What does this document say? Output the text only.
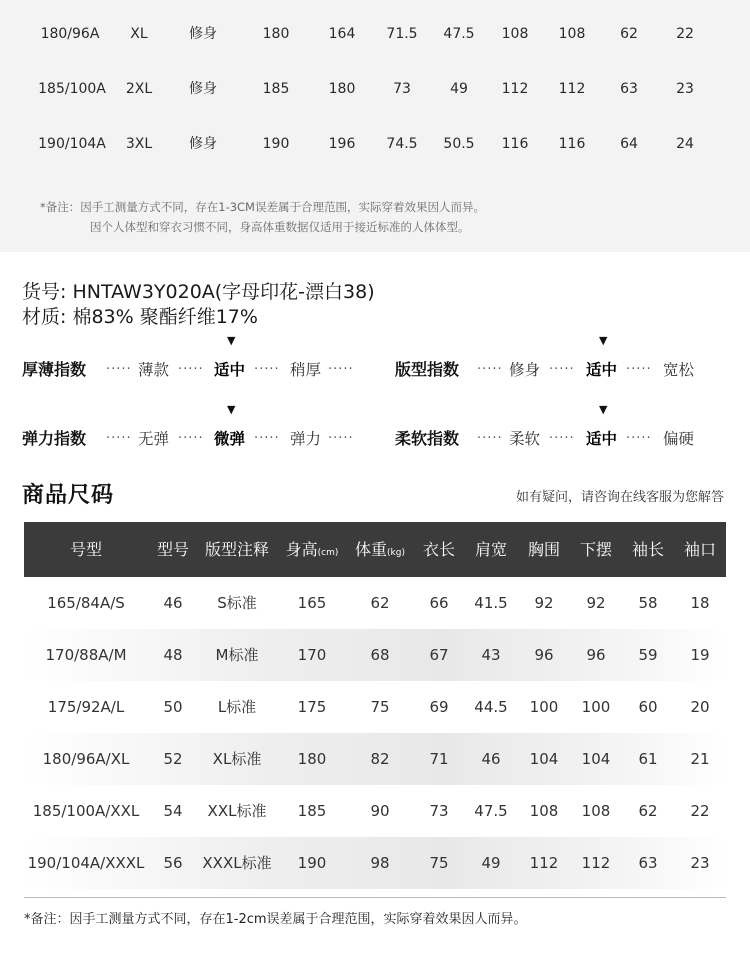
180/96A XL	修身	180	164 71.5 47.5 108 108 62	22
185/100A 2XL	修身	185	180	73	49 112 112 63	23
190/104A 3XL	修身	190	196 74.5 50.5 116 116 64	24
*备注：因手工测量方式不同，存在1-3CM误差属于合理范围，实际穿着效果因人而异。
因个人体型和穿衣习惯不同，身高体重数据仅适用于接近标准的人体体型。
货号: HNTAW3Y020A(字母印花-漂白38)
材质: 棉83% 聚酯纤维17%
厚薄指数 ····· 薄款 ·····
▼
适中 ····· 稍厚 ·····	版型指数 ····· 修身 ·····
▼
适中 ····· 宽松
弹力指数 ····· 无弹 ·····
▼
微弹 ····· 弹力 ·····	柔软指数 ····· 柔软 ·····
▼
适中 ····· 偏硬
商品尺码	如有疑问，请咨询在线客服为您解答
号型	型号 版型注释 身高(cm) 体重(kg) 衣长 肩宽 胸围 下摆 袖长 袖口
165/84A/S	46 S标准	165	62	66 41.5 92 92 58 18
170/88A/M 48 M标准	170	68	67 43 96 96 59 19
175/92A/L	50 L标准	175	75	69 44.5 100 100 60 20
180/96A/XL 52 XL标准 180	82	71 46 104 104 61 21
185/100A/XXL 54 XXL标准 185	90	73 47.5 108 108 62 22
190/104A/XXXL 56 XXXL标准 190	98	75 49 112 112 63 23
*备注：因手工测量方式不同，存在1-2cm误差属于合理范围，实际穿着效果因人而异。
